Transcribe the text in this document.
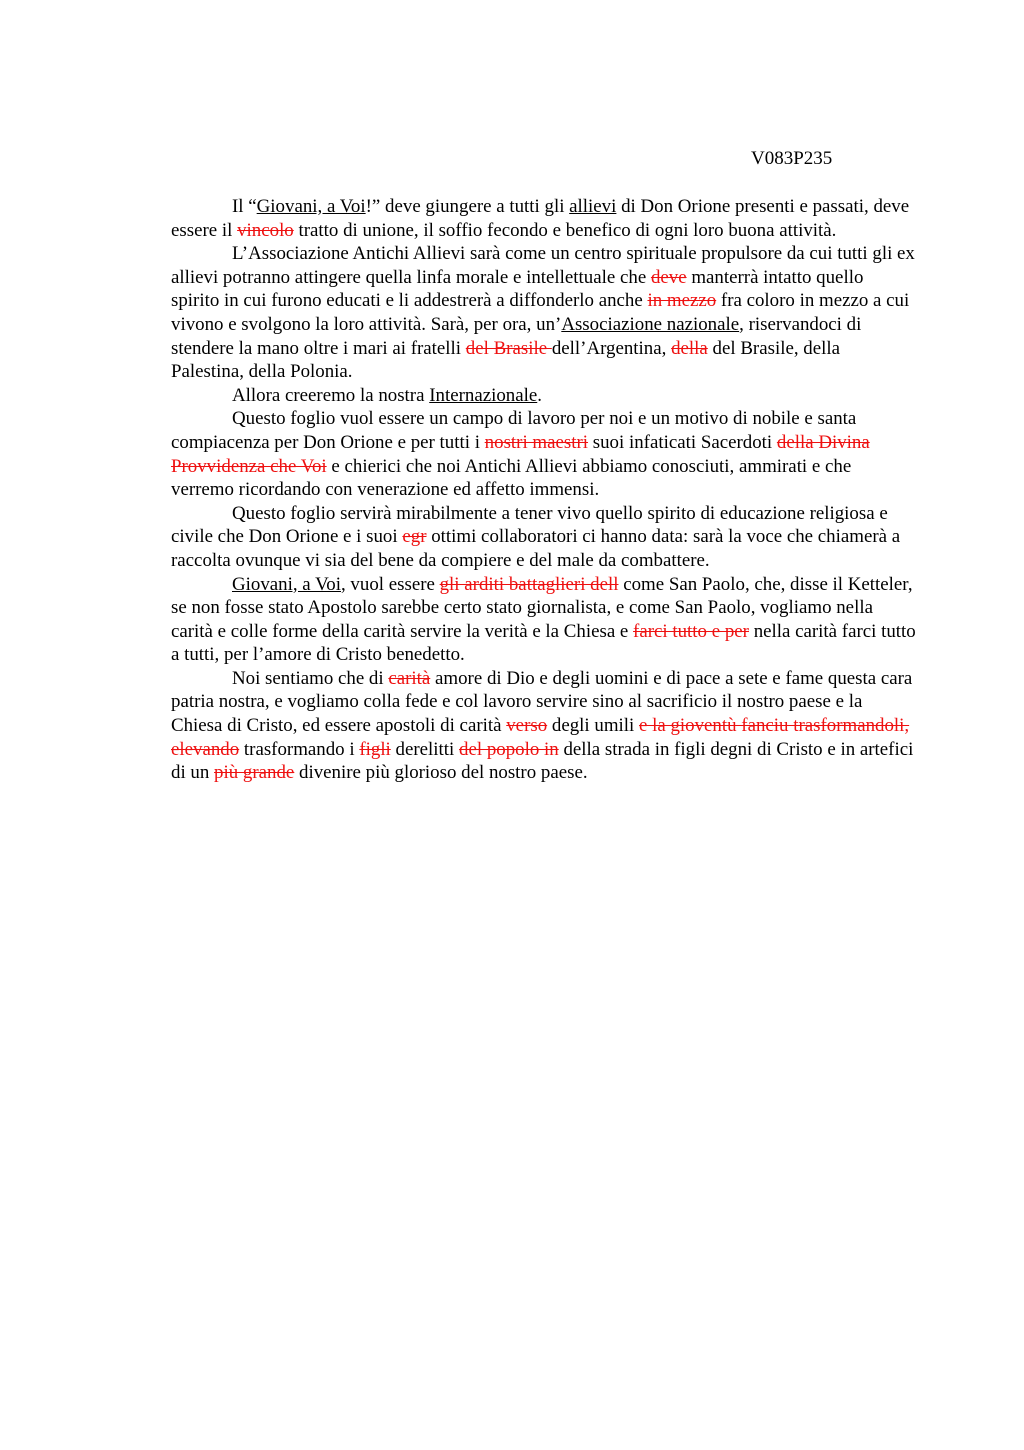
V083P235

Il “Giovani, a Voi!” deve giungere a tutti gli allievi di Don Orione presenti e passati, deve essere il vincolo tratto di unione, il soffio fecondo e benefico di ogni loro buona attività.

L’Associazione Antichi Allievi sarà come un centro spirituale propulsore da cui tutti gli ex allievi potranno attingere quella linfa morale e intellettuale che deve manterrà intatto quello spirito in cui furono educati e li addestrerà a diffonderlo anche in mezzo fra coloro in mezzo a cui vivono e svolgono la loro attività. Sarà, per ora, un’Associazione nazionale, riservandoci di stendere la mano oltre i mari ai fratelli del Brasile dell’Argentina, della del Brasile, della Palestina, della Polonia.

Allora creeremo la nostra Internazionale.

Questo foglio vuol essere un campo di lavoro per noi e un motivo di nobile e santa compiacenza per Don Orione e per tutti i nostri maestri suoi infaticati Sacerdoti della Divina Provvidenza che Voi e chierici che noi Antichi Allievi abbiamo conosciuti, ammirati e che verremo ricordando con venerazione ed affetto immensi.

Questo foglio servirà mirabilmente a tener vivo quello spirito di educazione religiosa e civile che Don Orione e i suoi egr ottimi collaboratori ci hanno data: sarà la voce che chiamerà a raccolta ovunque vi sia del bene da compiere e del male da combattere.

Giovani, a Voi, vuol essere gli arditi battaglieri dell come San Paolo, che, disse il Ketteler, se non fosse stato Apostolo sarebbe certo stato giornalista, e come San Paolo, vogliamo nella carità e colle forme della carità servire la verità e la Chiesa e farci tutto e per nella carità farci tutto a tutti, per l’amore di Cristo benedetto.

Noi sentiamo che di carità amore di Dio e degli uomini e di pace a sete e fame questa cara patria nostra, e vogliamo colla fede e col lavoro servire sino al sacrificio il nostro paese e la Chiesa di Cristo, ed essere apostoli di carità verso degli umili e la gioventù fanciu trasformandoli, elevando trasformando i figli derelitti del popolo in della strada in figli degni di Cristo e in artefici di un più grande divenire più glorioso del nostro paese.
